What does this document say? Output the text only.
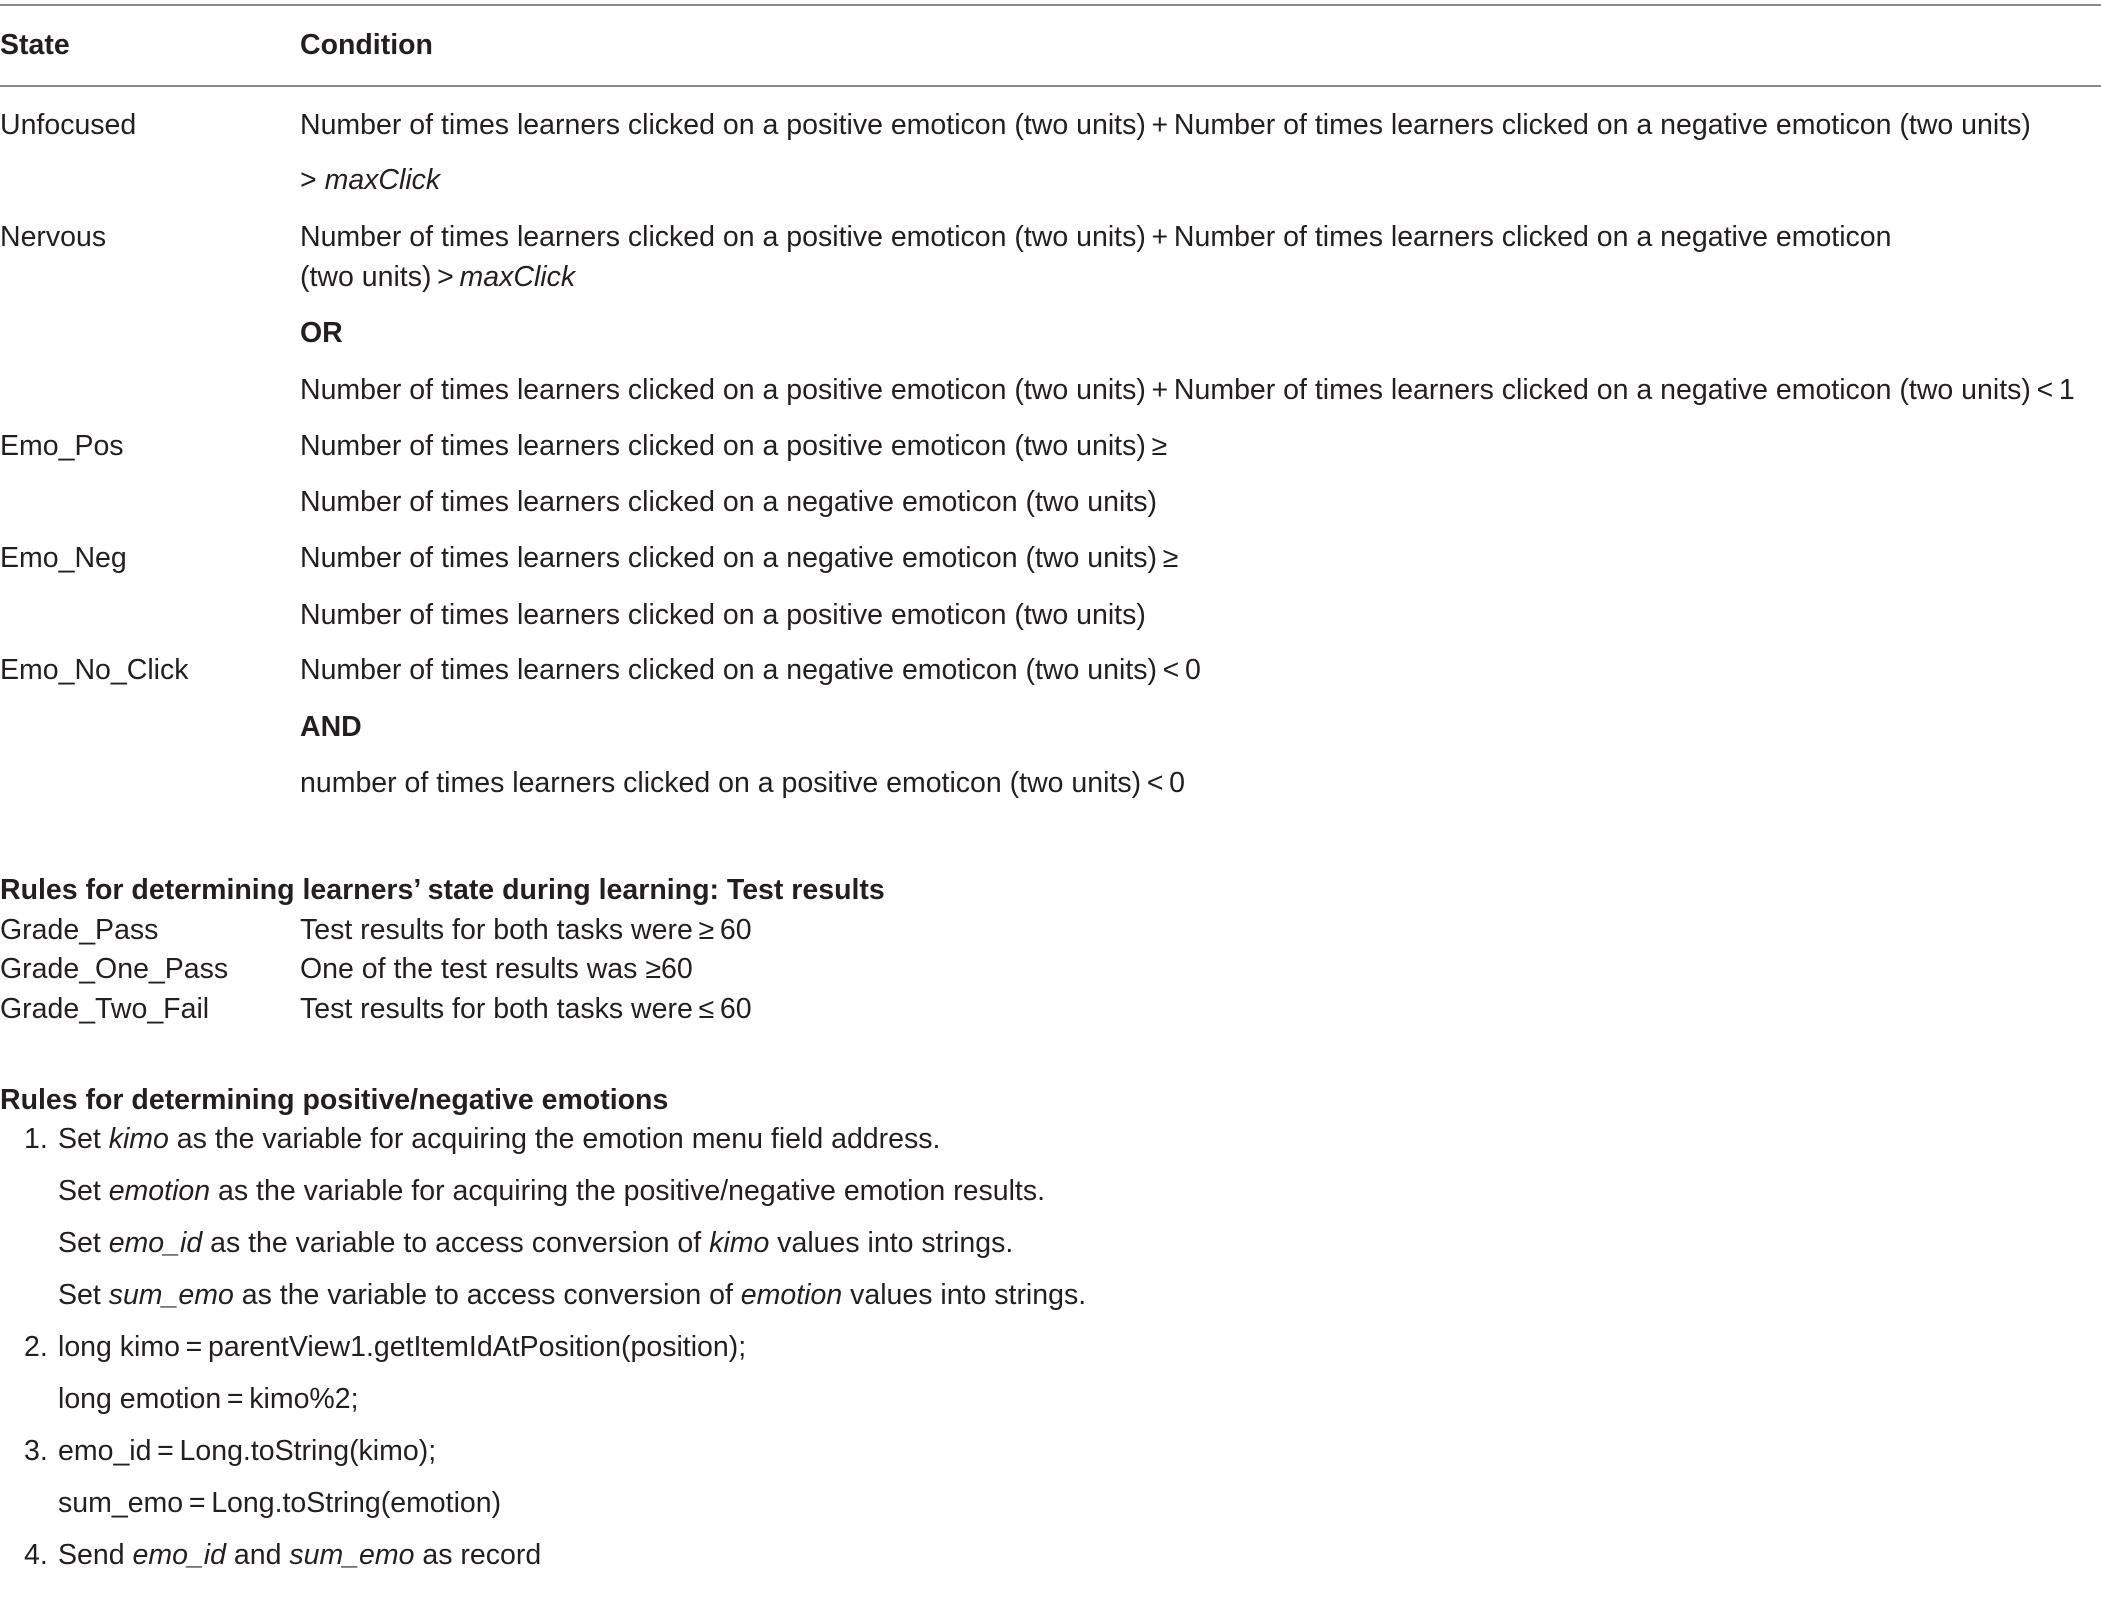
State	Condition
Unfocused	Number of times learners clicked on a positive emoticon (two units) + Number of times learners clicked on a negative emoticon (two units)
> maxClick
Nervous	Number of times learners clicked on a positive emoticon (two units) + Number of times learners clicked on a negative emoticon
(two units) > maxClick
OR
Number of times learners clicked on a positive emoticon (two units) + Number of times learners clicked on a negative emoticon (two units) < 1
Emo_Pos	Number of times learners clicked on a positive emoticon (two units) ≥
Number of times learners clicked on a negative emoticon (two units)
Emo_Neg	Number of times learners clicked on a negative emoticon (two units) ≥
Number of times learners clicked on a positive emoticon (two units)
Emo_No_Click	Number of times learners clicked on a negative emoticon (two units) < 0
AND
number of times learners clicked on a positive emoticon (two units) < 0
Rules for determining learners’ state during learning: Test results
Grade_Pass	Test results for both tasks were ≥ 60
Grade_One_Pass	One of the test results was ≥60
Grade_Two_Fail	Test results for both tasks were ≤ 60
Rules for determining positive/negative emotions
1. Set kimo as the variable for acquiring the emotion menu field address.
Set emotion as the variable for acquiring the positive/negative emotion results.
Set emo_id as the variable to access conversion of kimo values into strings.
Set sum_emo as the variable to access conversion of emotion values into strings.
2. long kimo = parentView1.getItemIdAtPosition(position);
long emotion = kimo%2;
3. emo_id = Long.toString(kimo);
sum_emo = Long.toString(emotion)
4. Send emo_id and sum_emo as record
